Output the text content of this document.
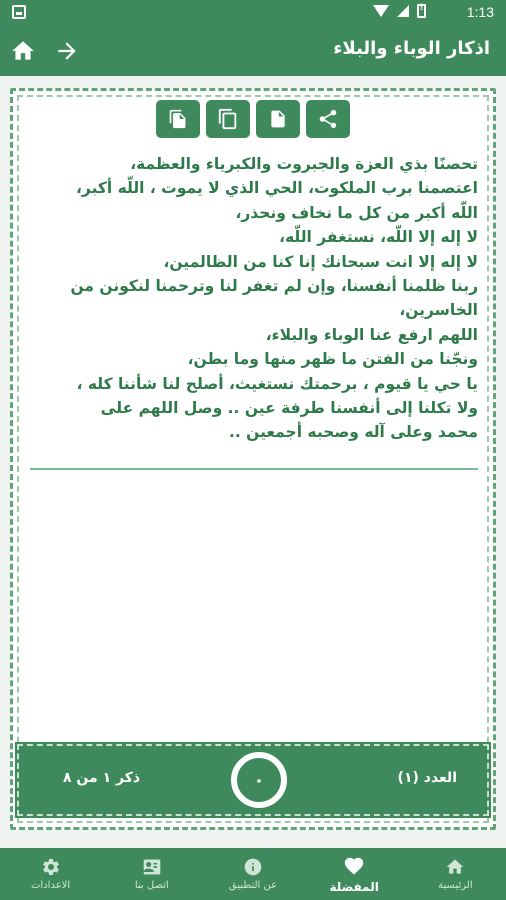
!
1:13
اذكار الوباء والبلاء
تحصنًا بذي العزة والجبروت والكبرياء والعظمة،
اعتصمنا برب الملكوت، الحي الذي لا يموت ، اللّه أكبر،
اللّه أكبر من كل ما نخاف ونحذر،
لا إله إلا اللّه، نستغفر اللّه،
لا إله إلا انت سبحانك إنا كنا من الظالمين،
ربنا ظلمنا أنفسنا، وإن لم تغفر لنا وترحمنا لنكونن من
الخاسرين،
اللهم ارفع عنا الوباء والبلاء،
ونجّنا من الفتن ما ظهر منها وما بطن،
يا حي يا قيوم ، برحمتك نستغيث، أصلح لنا شأننا كله ،
ولا تكلنا إلى أنفسنا طرفة عين .. وصل اللهم على
محمد وعلى آله وصحبه أجمعين ..
ذكر ١ من ٨	٠	العدد (١)
الرئيسية
المفضلة
عن التطبيق
اتصل بنا
الاعدادات
